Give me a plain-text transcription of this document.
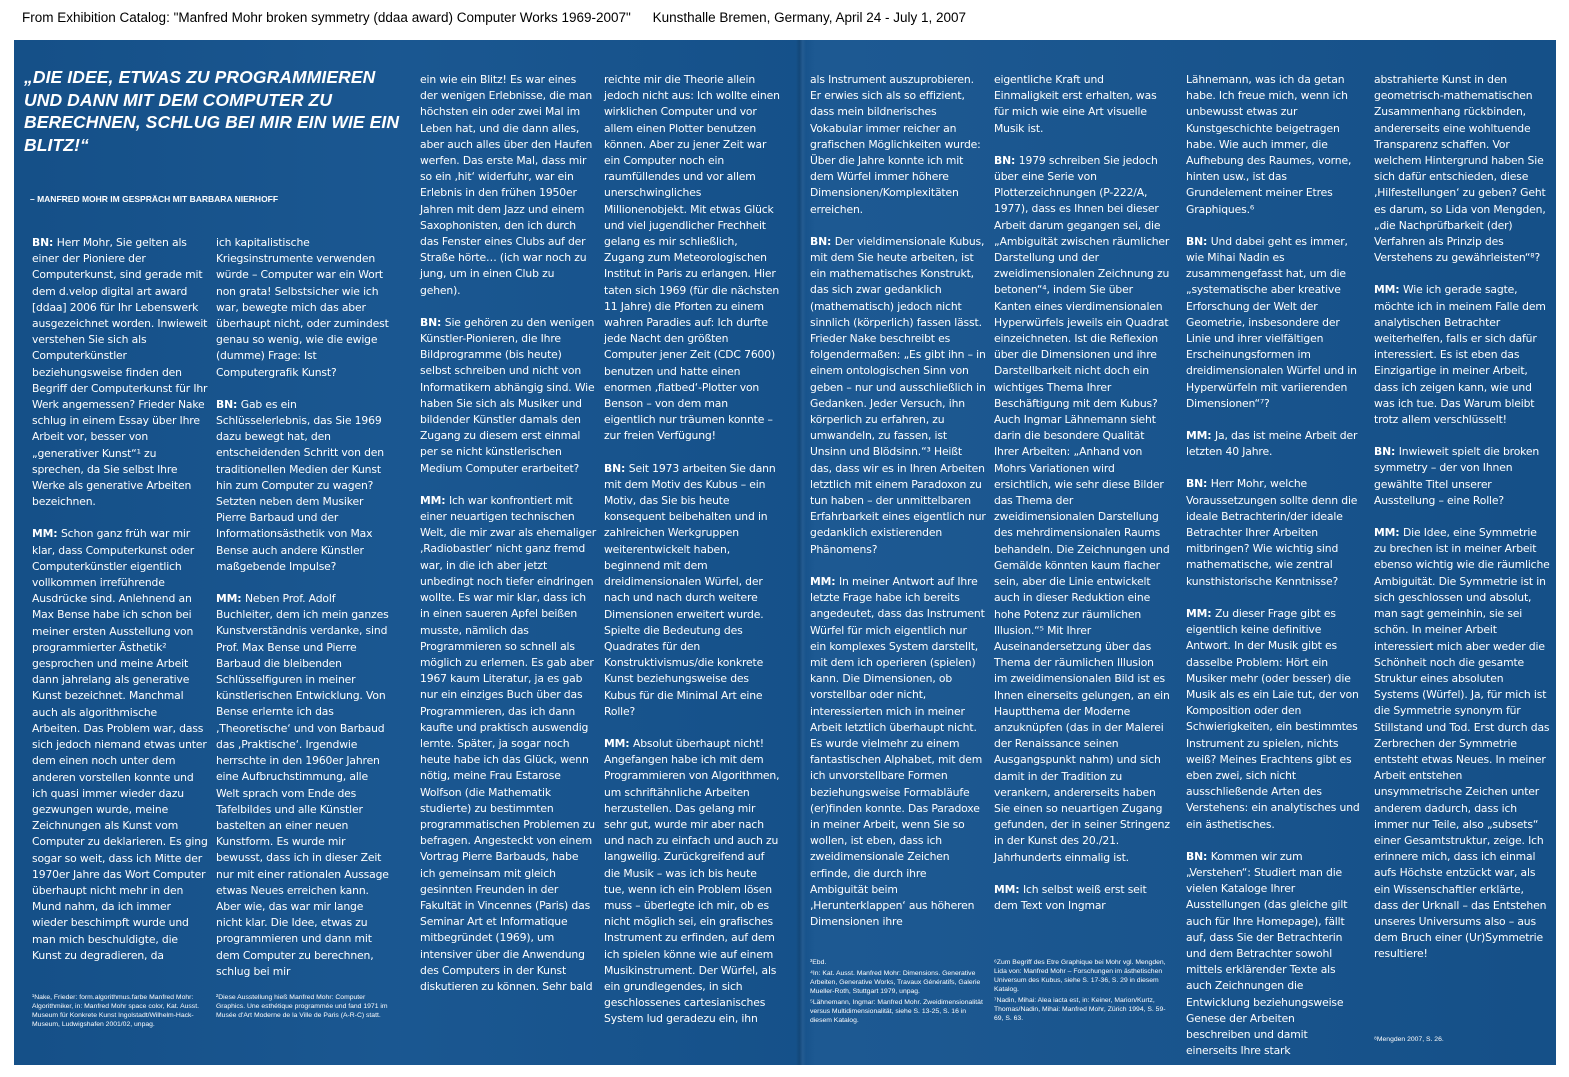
From Exhibition Catalog: "Manfred Mohr broken symmetry (ddaa award) Computer Works 1969-2007" Kunsthalle Bremen, Germany, April 24 - July 1, 2007
„DIE IDEE, ETWAS ZU PROGRAMMIEREN UND DANN MIT DEM COMPUTER ZU BERECHNEN, SCHLUG BEI MIR EIN WIE EIN BLITZ!“
– MANFRED MOHR IM GESPRÄCH MIT BARBARA NIERHOFF

BN: Herr Mohr, Sie gelten als einer der Pioniere der Computerkunst, sind gerade mit dem d.velop digital art award [ddaa] 2006 für Ihr Lebenswerk ausgezeichnet worden. Inwieweit verstehen Sie sich als Computerkünstler beziehungsweise finden den Begriff der Computerkunst für Ihr Werk angemessen? Frieder Nake schlug in einem Essay über Ihre Arbeit vor, besser von „generativer Kunst“¹ zu sprechen, da Sie selbst Ihre Werke als generative Arbeiten bezeichnen.

MM: Schon ganz früh war mir klar, dass Computerkunst oder Computerkünstler eigentlich vollkommen irreführende Ausdrücke sind. Anlehnend an Max Bense habe ich schon bei meiner ersten Ausstellung von programmierter Ästhetik² gesprochen und meine Arbeit dann jahrelang als generative Kunst bezeichnet. Manchmal auch als algorithmische Arbeiten. Das Problem war, dass sich jedoch niemand etwas unter dem einen noch unter dem anderen vorstellen konnte und ich quasi immer wieder dazu gezwungen wurde, meine Zeichnungen als Kunst vom Computer zu deklarieren. Es ging sogar so weit, dass ich Mitte der 1970er Jahre das Wort Computer überhaupt nicht mehr in den Mund nahm, da ich immer wieder beschimpft wurde und man mich beschuldigte, die Kunst zu degradieren, da

ich kapitalistische Kriegsinstrumente verwenden würde – Computer war ein Wort non grata! Selbstsicher wie ich war, bewegte mich das aber überhaupt nicht, oder zumindest genau so wenig, wie die ewige (dumme) Frage: Ist Computergrafik Kunst?

BN: Gab es ein Schlüsselerlebnis, das Sie 1969 dazu bewegt hat, den entscheidenden Schritt von den traditionellen Medien der Kunst hin zum Computer zu wagen? Setzten neben dem Musiker Pierre Barbaud und der Informationsästhetik von Max Bense auch andere Künstler maßgebende Impulse?

MM: Neben Prof. Adolf Buchleiter, dem ich mein ganzes Kunstverständnis verdanke, sind Prof. Max Bense und Pierre Barbaud die bleibenden Schlüsselfiguren in meiner künstlerischen Entwicklung. Von Bense erlernte ich das ‚Theoretische‘ und von Barbaud das ‚Praktische‘. Irgendwie herrschte in den 1960er Jahren eine Aufbruchstimmung, alle Welt sprach vom Ende des Tafelbildes und alle Künstler bastelten an einer neuen Kunstform. Es wurde mir bewusst, dass ich in dieser Zeit nur mit einer rationalen Aussage etwas Neues erreichen kann. Aber wie, das war mir lange nicht klar. Die Idee, etwas zu programmieren und dann mit dem Computer zu berechnen, schlug bei mir

ein wie ein Blitz! Es war eines der wenigen Erlebnisse, die man höchsten ein oder zwei Mal im Leben hat, und die dann alles, aber auch alles über den Haufen werfen. Das erste Mal, dass mir so ein ‚hit‘ widerfuhr, war ein Erlebnis in den frühen 1950er Jahren mit dem Jazz und einem Saxophonisten, den ich durch das Fenster eines Clubs auf der Straße hörte… (ich war noch zu jung, um in einen Club zu gehen).

BN: Sie gehören zu den wenigen Künstler-Pionieren, die Ihre Bildprogramme (bis heute) selbst schreiben und nicht von Informatikern abhängig sind. Wie haben Sie sich als Musiker und bildender Künstler damals den Zugang zu diesem erst einmal per se nicht künstlerischen Medium Computer erarbeitet?

MM: Ich war konfrontiert mit einer neuartigen technischen Welt, die mir zwar als ehemaliger ‚Radiobastler‘ nicht ganz fremd war, in die ich aber jetzt unbedingt noch tiefer eindringen wollte. Es war mir klar, dass ich in einen saueren Apfel beißen musste, nämlich das Programmieren so schnell als möglich zu erlernen. Es gab aber 1967 kaum Literatur, ja es gab nur ein einziges Buch über das Programmieren, das ich dann kaufte und praktisch auswendig lernte. Später, ja sogar noch heute habe ich das Glück, wenn nötig, meine Frau Estarose Wolfson (die Mathematik studierte) zu bestimmten programmatischen Problemen zu befragen. Angesteckt von einem Vortrag Pierre Barbauds, habe ich gemeinsam mit gleich gesinnten Freunden in der Fakultät in Vincennes (Paris) das Seminar Art et Informatique mitbegründet (1969), um intensiver über die Anwendung des Computers in der Kunst diskutieren zu können. Sehr bald

reichte mir die Theorie allein jedoch nicht aus: Ich wollte einen wirklichen Computer und vor allem einen Plotter benutzen können. Aber zu jener Zeit war ein Computer noch ein raumfüllendes und vor allem unerschwingliches Millionenobjekt. Mit etwas Glück und viel jugendlicher Frechheit gelang es mir schließlich, Zugang zum Meteorologischen Institut in Paris zu erlangen. Hier taten sich 1969 (für die nächsten 11 Jahre) die Pforten zu einem wahren Paradies auf: Ich durfte jede Nacht den größten Computer jener Zeit (CDC 7600) benutzen und hatte einen enormen ‚flatbed‘-Plotter von Benson – von dem man eigentlich nur träumen konnte – zur freien Verfügung!

BN: Seit 1973 arbeiten Sie dann mit dem Motiv des Kubus – ein Motiv, das Sie bis heute konsequent beibehalten und in zahlreichen Werkgruppen weiterentwickelt haben, beginnend mit dem dreidimensionalen Würfel, der nach und nach durch weitere Dimensionen erweitert wurde. Spielte die Bedeutung des Quadrates für den Konstruktivismus/die konkrete Kunst beziehungsweise des Kubus für die Minimal Art eine Rolle?

MM: Absolut überhaupt nicht! Angefangen habe ich mit dem Programmieren von Algorithmen, um schriftähnliche Arbeiten herzustellen. Das gelang mir sehr gut, wurde mir aber nach und nach zu einfach und auch zu langweilig. Zurückgreifend auf die Musik – was ich bis heute tue, wenn ich ein Problem lösen muss – überlegte ich mir, ob es nicht möglich sei, ein grafisches Instrument zu erfinden, auf dem ich spielen könne wie auf einem Musikinstrument. Der Würfel, als ein grundlegendes, in sich geschlossenes cartesianisches System lud geradezu ein, ihn

als Instrument auszuprobieren. Er erwies sich als so effizient, dass mein bildnerisches Vokabular immer reicher an grafischen Möglichkeiten wurde: Über die Jahre konnte ich mit dem Würfel immer höhere Dimensionen/Komplexitäten erreichen.

BN: Der vieldimensionale Kubus, mit dem Sie heute arbeiten, ist ein mathematisches Konstrukt, das sich zwar gedanklich (mathematisch) jedoch nicht sinnlich (körperlich) fassen lässt. Frieder Nake beschreibt es folgendermaßen: „Es gibt ihn – in einem ontologischen Sinn von geben – nur und ausschließlich in Gedanken. Jeder Versuch, ihn körperlich zu erfahren, zu umwandeln, zu fassen, ist Unsinn und Blödsinn.“³ Heißt das, dass wir es in Ihren Arbeiten letztlich mit einem Paradoxon zu tun haben – der unmittelbaren Erfahrbarkeit eines eigentlich nur gedanklich existierenden Phänomens?

MM: In meiner Antwort auf Ihre letzte Frage habe ich bereits angedeutet, dass das Instrument Würfel für mich eigentlich nur ein komplexes System darstellt, mit dem ich operieren (spielen) kann. Die Dimensionen, ob vorstellbar oder nicht, interessierten mich in meiner Arbeit letztlich überhaupt nicht. Es wurde vielmehr zu einem fantastischen Alphabet, mit dem ich unvorstellbare Formen beziehungsweise Formabläufe (er)finden konnte. Das Paradoxe in meiner Arbeit, wenn Sie so wollen, ist eben, dass ich zweidimensionale Zeichen erfinde, die durch ihre Ambiguität beim ‚Herunterklappen‘ aus höheren Dimensionen ihre

eigentliche Kraft und Einmaligkeit erst erhalten, was für mich wie eine Art visuelle Musik ist.

BN: 1979 schreiben Sie jedoch über eine Serie von Plotterzeichnungen (P-222/A, 1977), dass es Ihnen bei dieser Arbeit darum gegangen sei, die „Ambiguität zwischen räumlicher Darstellung und der zweidimensionalen Zeichnung zu betonen“⁴, indem Sie über Kanten eines vierdimensionalen Hyperwürfels jeweils ein Quadrat einzeichneten. Ist die Reflexion über die Dimensionen und ihre Darstellbarkeit nicht doch ein wichtiges Thema Ihrer Beschäftigung mit dem Kubus? Auch Ingmar Lähnemann sieht darin die besondere Qualität Ihrer Arbeiten: „Anhand von Mohrs Variationen wird ersichtlich, wie sehr diese Bilder das Thema der zweidimensionalen Darstellung des mehrdimensionalen Raums behandeln. Die Zeichnungen und Gemälde könnten kaum flacher sein, aber die Linie entwickelt auch in dieser Reduktion eine hohe Potenz zur räumlichen Illusion.“⁵ Mit Ihrer Auseinandersetzung über das Thema der räumlichen Illusion im zweidimensionalen Bild ist es Ihnen einerseits gelungen, an ein Hauptthema der Moderne anzuknüpfen (das in der Malerei der Renaissance seinen Ausgangspunkt nahm) und sich damit in der Tradition zu verankern, andererseits haben Sie einen so neuartigen Zugang gefunden, der in seiner Stringenz in der Kunst des 20./21. Jahrhunderts einmalig ist.

MM: Ich selbst weiß erst seit dem Text von Ingmar

Lähnemann, was ich da getan habe. Ich freue mich, wenn ich unbewusst etwas zur Kunstgeschichte beigetragen habe. Wie auch immer, die Aufhebung des Raumes, vorne, hinten usw., ist das Grundelement meiner Etres Graphiques.⁶

BN: Und dabei geht es immer, wie Mihai Nadin es zusammengefasst hat, um die „systematische aber kreative Erforschung der Welt der Geometrie, insbesondere der Linie und ihrer vielfältigen Erscheinungsformen im dreidimensionalen Würfel und in Hyperwürfeln mit variierenden Dimensionen“⁷?

MM: Ja, das ist meine Arbeit der letzten 40 Jahre.

BN: Herr Mohr, welche Voraussetzungen sollte denn die ideale Betrachterin/der ideale Betrachter Ihrer Arbeiten mitbringen? Wie wichtig sind mathematische, wie zentral kunsthistorische Kenntnisse?

MM: Zu dieser Frage gibt es eigentlich keine definitive Antwort. In der Musik gibt es dasselbe Problem: Hört ein Musiker mehr (oder besser) die Musik als es ein Laie tut, der von Komposition oder den Schwierigkeiten, ein bestimmtes Instrument zu spielen, nichts weiß? Meines Erachtens gibt es eben zwei, sich nicht ausschließende Arten des Verstehens: ein analytisches und ein ästhetisches.

BN: Kommen wir zum „Verstehen“: Studiert man die vielen Kataloge Ihrer Ausstellungen (das gleiche gilt auch für Ihre Homepage), fällt auf, dass Sie der Betrachterin und dem Betrachter sowohl mittels erklärender Texte als auch Zeichnungen die Entwicklung beziehungsweise Genese der Arbeiten beschreiben und damit einerseits Ihre stark

abstrahierte Kunst in den geometrisch-mathematischen Zusammenhang rückbinden, andererseits eine wohltuende Transparenz schaffen. Vor welchem Hintergrund haben Sie sich dafür entschieden, diese ‚Hilfestellungen‘ zu geben? Geht es darum, so Lida von Mengden, „die Nachprüfbarkeit (der) Verfahren als Prinzip des Verstehens zu gewährleisten“⁸?

MM: Wie ich gerade sagte, möchte ich in meinem Falle dem analytischen Betrachter weiterhelfen, falls er sich dafür interessiert. Es ist eben das Einzigartige in meiner Arbeit, dass ich zeigen kann, wie und was ich tue. Das Warum bleibt trotz allem verschlüsselt!

BN: Inwieweit spielt die broken symmetry – der von Ihnen gewählte Titel unserer Ausstellung – eine Rolle?

MM: Die Idee, eine Symmetrie zu brechen ist in meiner Arbeit ebenso wichtig wie die räumliche Ambiguität. Die Symmetrie ist in sich geschlossen und absolut, man sagt gemeinhin, sie sei schön. In meiner Arbeit interessiert mich aber weder die Schönheit noch die gesamte Struktur eines absoluten Systems (Würfel). Ja, für mich ist die Symmetrie synonym für Stillstand und Tod. Erst durch das Zerbrechen der Symmetrie entsteht etwas Neues. In meiner Arbeit entstehen unsymmetrische Zeichen unter anderem dadurch, dass ich immer nur Teile, also „subsets“ einer Gesamtstruktur, zeige. Ich erinnere mich, dass ich einmal aufs Höchste entzückt war, als ein Wissenschaftler erklärte, dass der Urknall – das Entstehen unseres Universums also – aus dem Bruch einer (Ur)Symmetrie resultiere!

¹Nake, Frieder: form.algorithmus.farbe Manfred Mohr: Algorithmiker, in: Manfred Mohr space color, Kat. Ausst. Museum für Konkrete Kunst Ingolstadt/Wilhelm-Hack-Museum, Ludwigshafen 2001/02, unpag.
²Diese Ausstellung hieß Manfred Mohr: Computer Graphics. Une esthétique programmée und fand 1971 im Musée d'Art Moderne de la Ville de Paris (A-R-C) statt.

³Ebd.

⁴In: Kat. Ausst. Manfred Mohr: Dimensions. Generative Arbeiten, Generative Works, Travaux Génératifs, Galerie Mueller-Roth, Stuttgart 1979, unpag.

⁵Lähnemann, Ingmar: Manfred Mohr. Zweidimensionalität versus Multidimensionalität, siehe S. 13-25, S. 16 in diesem Katalog.

⁶Zum Begriff des Etre Graphique bei Mohr vgl. Mengden, Lida von: Manfred Mohr – Forschungen im ästhetischen Universum des Kubus, siehe S. 17-36, S. 29 in diesem Katalog.

⁷Nadin, Mihai: Alea iacta est, in: Keiner, Marion/Kurtz, Thomas/Nadin, Mihai: Manfred Mohr, Zürich 1994, S. 59-69, S. 63.

⁸Mengden 2007, S. 26.
